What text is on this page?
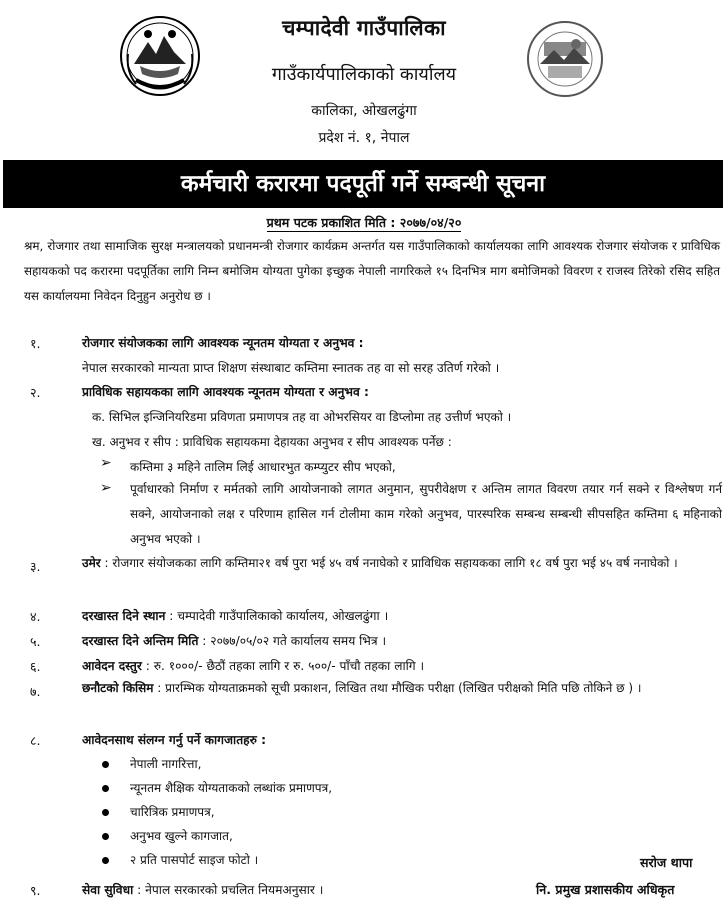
चम्पादेवी गाउँपालिका
गाउँकार्यपालिकाको कार्यालय
कालिका, ओखलढुंगा
प्रदेश नं. १, नेपाल
कर्मचारी करारमा पदपूर्ती गर्ने सम्बन्धी सूचना
प्रथम पटक प्रकाशित मिति : २०७७/०४/२०
श्रम, रोजगार तथा सामाजिक सुरक्ष मन्त्रालयको प्रधानमन्त्री रोजगार कार्यक्रम अन्तर्गत यस गाउँपालिकाको कार्यालयका लागि आवश्यक रोजगार संयोजक र प्राविधिक सहायकको पद करारमा पदपूर्तिका लागि निम्न बमोजिम योग्यता पुगेका इच्छुक नेपाली नागरिकले १५ दिनभित्र माग बमोजिमको विवरण र राजस्व तिरेको रसिद सहित यस कार्यालयमा निवेदन दिनुहुन अनुरोध छ ।
१.	रोजगार संयोजकका लागि आवश्यक न्यूनतम योग्यता र अनुभव :
नेपाल सरकारको मान्यता प्राप्त शिक्षण संस्थाबाट कम्तिमा स्नातक तह वा सो सरह उतिर्ण गरेको ।
२.	प्राविधिक सहायकका लागि आवश्यक न्यूनतम योग्यता र अनुभव :
क. सिभिल इन्जिनियरिडमा प्रविणता प्रमाणपत्र तह वा ओभरसियर वा डिप्लोमा तह उत्तीर्ण भएको ।
ख. अनुभव र सीप : प्राविधिक सहायकमा देहायका अनुभव र सीप आवश्यक पर्नेछ :
➢ कम्तिमा ३ महिने तालिम लिई आधारभुत कम्प्युटर सीप भएको,
➢ पूर्वाधारको निर्माण र मर्मतको लागि आयोजनाको लागत अनुमान, सुपरीवेक्षण र अन्तिम लागत विवरण तयार गर्न सक्ने र विश्लेषण गर्न सक्ने, आयोजनाको लक्ष र परिणाम हासिल गर्न टोलीमा काम गरेको अनुभव, पारस्परिक सम्बन्ध सम्बन्धी सीपसहित कम्तिमा ६ महिनाको अनुभव भएको ।
३.	उमेर : रोजगार संयोजकका लागि कम्तिमा२१ वर्ष पुरा भई ४५ वर्ष ननाघेको र प्राविधिक सहायकका लागि १८ वर्ष पुरा भई ४५ वर्ष ननाघेको ।
४.	दरखास्त दिने स्थान : चम्पादेवी गाउँपालिकाको कार्यालय, ओखलढुंगा ।
५.	दरखास्त दिने अन्तिम मिति : २०७७/०५/०२ गते कार्यालय समय भित्र ।
६.	आवेदन दस्तुर : रु. १०००/- छैठौं तहका लागि र रु. ५००/- पाँचौ तहका लागि ।
७.	छनौटको किसिम : प्रारम्भिक योग्यताक्रमको सूची प्रकाशन, लिखित तथा मौखिक परीक्षा (लिखित परीक्षको मिति पछि तोकिने छ ) ।
८.	आवेदनसाथ संलग्न गर्नु पर्ने कागजातहरु :
नेपाली नागरित्ता,
न्यूनतम शैक्षिक योग्यताकको लब्धांक प्रमाणपत्र,
चारित्रिक प्रमाणपत्र,
अनुभव खुल्ने कागजात,
२ प्रति पासपोर्ट साइज फोटो ।
९.	सेवा सुविधा : नेपाल सरकारको प्रचलित नियमअनुसार ।
सरोज थापा
नि. प्रमुख प्रशासकीय अधिकृत
